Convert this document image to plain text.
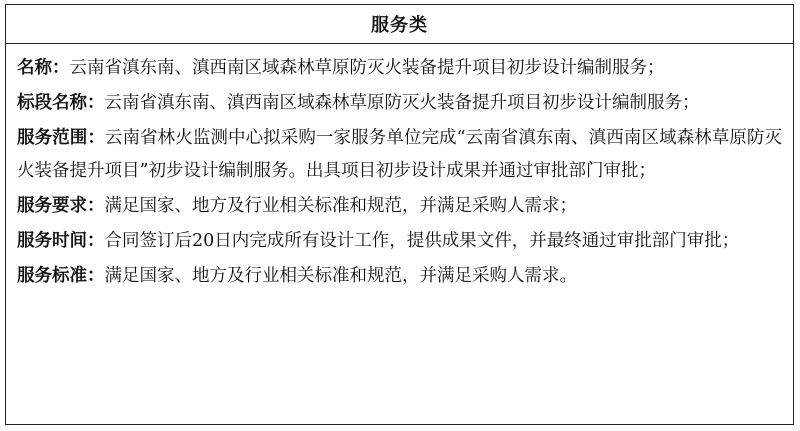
服务类

名称：云南省滇东南、滇西南区域森林草原防灭火装备提升项目初步设计编制服务；

标段名称：云南省滇东南、滇西南区域森林草原防灭火装备提升项目初步设计编制服务；

服务范围：云南省林火监测中心拟采购一家服务单位完成“云南省滇东南、滇西南区域森林草原防灭火装备提升项目”初步设计编制服务。出具项目初步设计成果并通过审批部门审批；

服务要求：满足国家、地方及行业相关标准和规范，并满足采购人需求；

服务时间：合同签订后20日内完成所有设计工作，提供成果文件，并最终通过审批部门审批；

服务标准：满足国家、地方及行业相关标准和规范，并满足采购人需求。
